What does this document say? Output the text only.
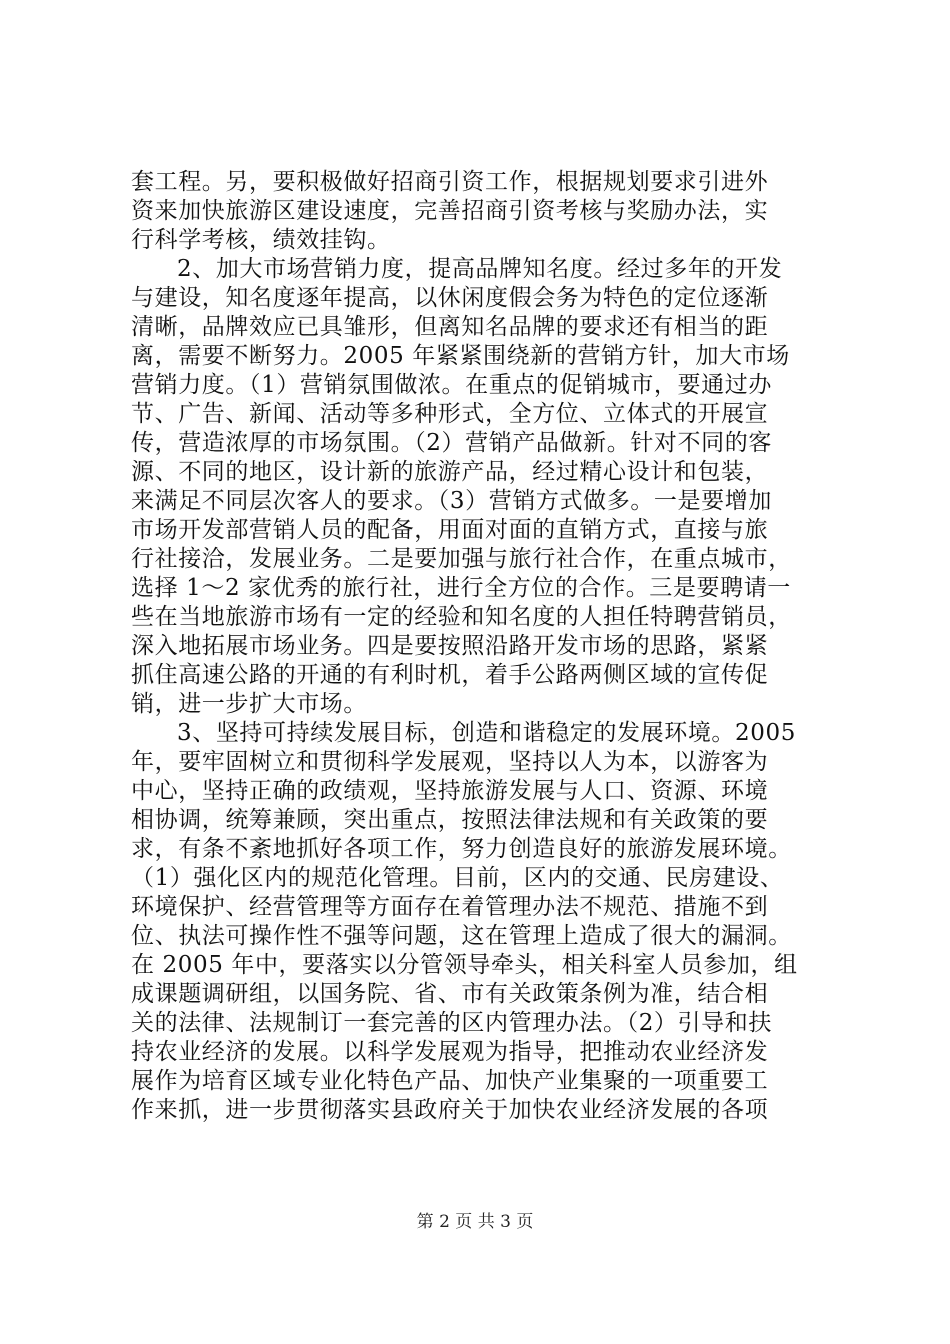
套工程。另，要积极做好招商引资工作，根据规划要求引进外
资来加快旅游区建设速度，完善招商引资考核与奖励办法，实
行科学考核，绩效挂钩。
2、加大市场营销力度，提高品牌知名度。经过多年的开发
与建设，知名度逐年提高，以休闲度假会务为特色的定位逐渐
清晰，品牌效应已具雏形，但离知名品牌的要求还有相当的距
离，需要不断努力。2005 年紧紧围绕新的营销方针，加大市场
营销力度。（1）营销氛围做浓。在重点的促销城市，要通过办
节、广告、新闻、活动等多种形式，全方位、立体式的开展宣
传，营造浓厚的市场氛围。（2）营销产品做新。针对不同的客
源、不同的地区，设计新的旅游产品，经过精心设计和包装，
来满足不同层次客人的要求。（3）营销方式做多。一是要增加
市场开发部营销人员的配备，用面对面的直销方式，直接与旅
行社接洽，发展业务。二是要加强与旅行社合作，在重点城市，
选择 1～2 家优秀的旅行社，进行全方位的合作。三是要聘请一
些在当地旅游市场有一定的经验和知名度的人担任特聘营销员，
深入地拓展市场业务。四是要按照沿路开发市场的思路，紧紧
抓住高速公路的开通的有利时机，着手公路两侧区域的宣传促
销，进一步扩大市场。
3、坚持可持续发展目标，创造和谐稳定的发展环境。2005
年，要牢固树立和贯彻科学发展观，坚持以人为本，以游客为
中心，坚持正确的政绩观，坚持旅游发展与人口、资源、环境
相协调，统筹兼顾，突出重点，按照法律法规和有关政策的要
求，有条不紊地抓好各项工作，努力创造良好的旅游发展环境。
（1）强化区内的规范化管理。目前，区内的交通、民房建设、
环境保护、经营管理等方面存在着管理办法不规范、措施不到
位、执法可操作性不强等问题，这在管理上造成了很大的漏洞。
在 2005 年中，要落实以分管领导牵头，相关科室人员参加，组
成课题调研组，以国务院、省、市有关政策条例为准，结合相
关的法律、法规制订一套完善的区内管理办法。（2）引导和扶
持农业经济的发展。以科学发展观为指导，把推动农业经济发
展作为培育区域专业化特色产品、加快产业集聚的一项重要工
作来抓，进一步贯彻落实县政府关于加快农业经济发展的各项
第 2 页 共 3 页
